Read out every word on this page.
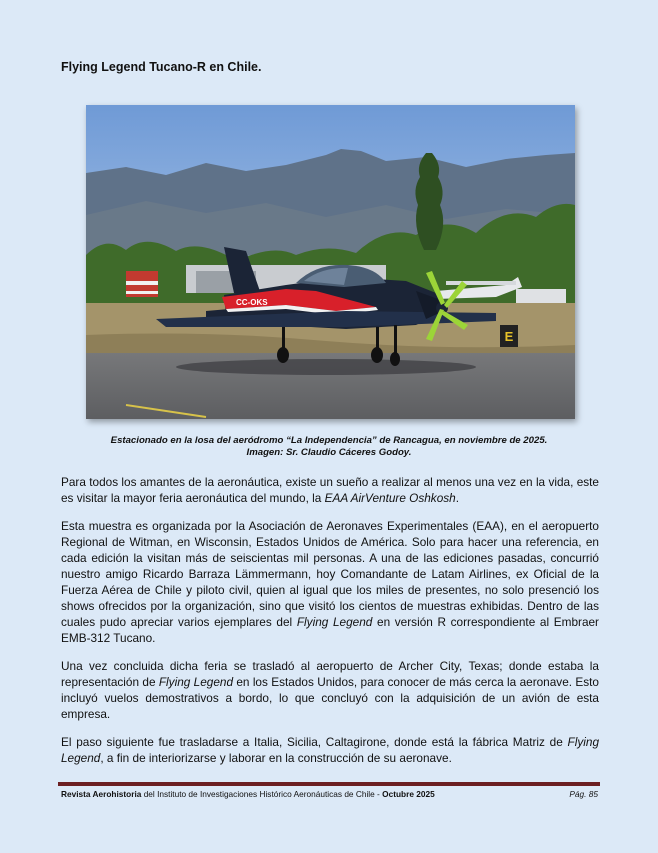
Flying Legend Tucano-R en Chile.
E
CC-OKS
Estacionado en la losa del aeródromo “La Independencia” de Rancagua, en noviembre de 2025.
Imagen: Sr. Claudio Cáceres Godoy.

Para todos los amantes de la aeronáutica, existe un sueño a realizar al menos una vez en la vida, este es visitar la mayor feria aeronáutica del mundo, la EAA AirVenture Oshkosh.

Esta muestra es organizada por la Asociación de Aeronaves Experimentales (EAA), en el aeropuerto Regional de Witman, en Wisconsin, Estados Unidos de América. Solo para hacer una referencia, en cada edición la visitan más de seiscientas mil personas. A una de las ediciones pasadas, concurrió nuestro amigo Ricardo Barraza Lämmermann, hoy Comandante de Latam Airlines, ex Oficial de la Fuerza Aérea de Chile y piloto civil, quien al igual que los miles de presentes, no solo presenció los shows ofrecidos por la organización, sino que visitó los cientos de muestras exhibidas. Dentro de las cuales pudo apreciar varios ejemplares del Flying Legend en versión R correspondiente al Embraer EMB-312 Tucano.

Una vez concluida dicha feria se trasladó al aeropuerto de Archer City, Texas; donde estaba la representación de Flying Legend en los Estados Unidos, para conocer de más cerca la aeronave. Esto incluyó vuelos demostrativos a bordo, lo que concluyó con la adquisición de un avión de esta empresa.

El paso siguiente fue trasladarse a Italia, Sicilia, Caltagirone, donde está la fábrica Matriz de Flying Legend, a fin de interiorizarse y laborar en la construcción de su aeronave.

Revista Aerohistoria del Instituto de Investigaciones Histórico Aeronáuticas de Chile - Octubre 2025	Pág. 85
